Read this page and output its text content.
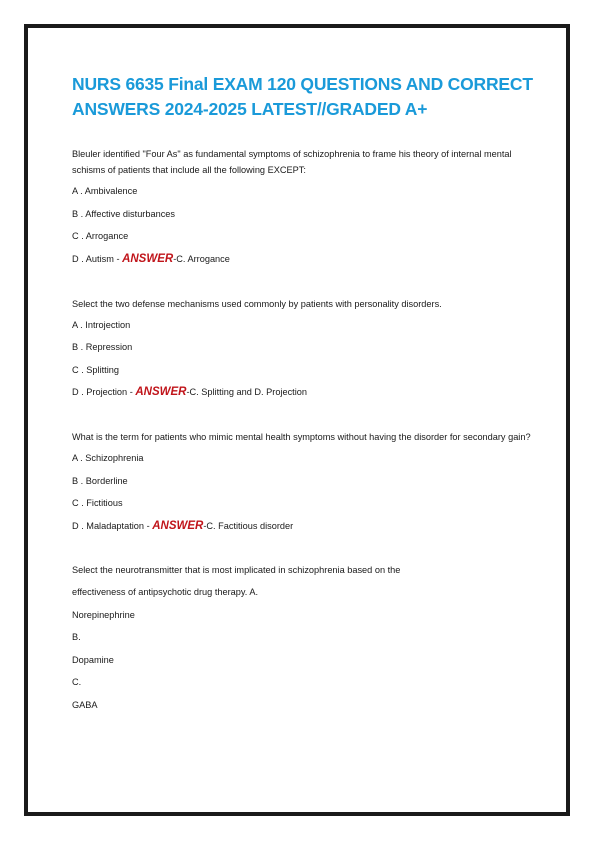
NURS 6635 Final EXAM 120 QUESTIONS AND CORRECT
ANSWERS 2024-2025 LATEST//GRADED A+

Bleuler identified "Four As" as fundamental symptoms of schizophrenia to frame his theory of internal mental schisms of patients that include all the following EXCEPT:

A . Ambivalence

B . Affective disturbances

C . Arrogance

D . Autism - ANSWER-C. Arrogance

Select the two defense mechanisms used commonly by patients with personality disorders.

A . Introjection

B . Repression

C . Splitting

D . Projection - ANSWER-C. Splitting and D. Projection

What is the term for patients who mimic mental health symptoms without having the disorder for secondary gain?

A . Schizophrenia

B . Borderline

C . Fictitious

D . Maladaptation - ANSWER-C. Factitious disorder

Select the neurotransmitter that is most implicated in schizophrenia based on the

effectiveness of antipsychotic drug therapy. A.

Norepinephrine

B.

Dopamine

C.

GABA
